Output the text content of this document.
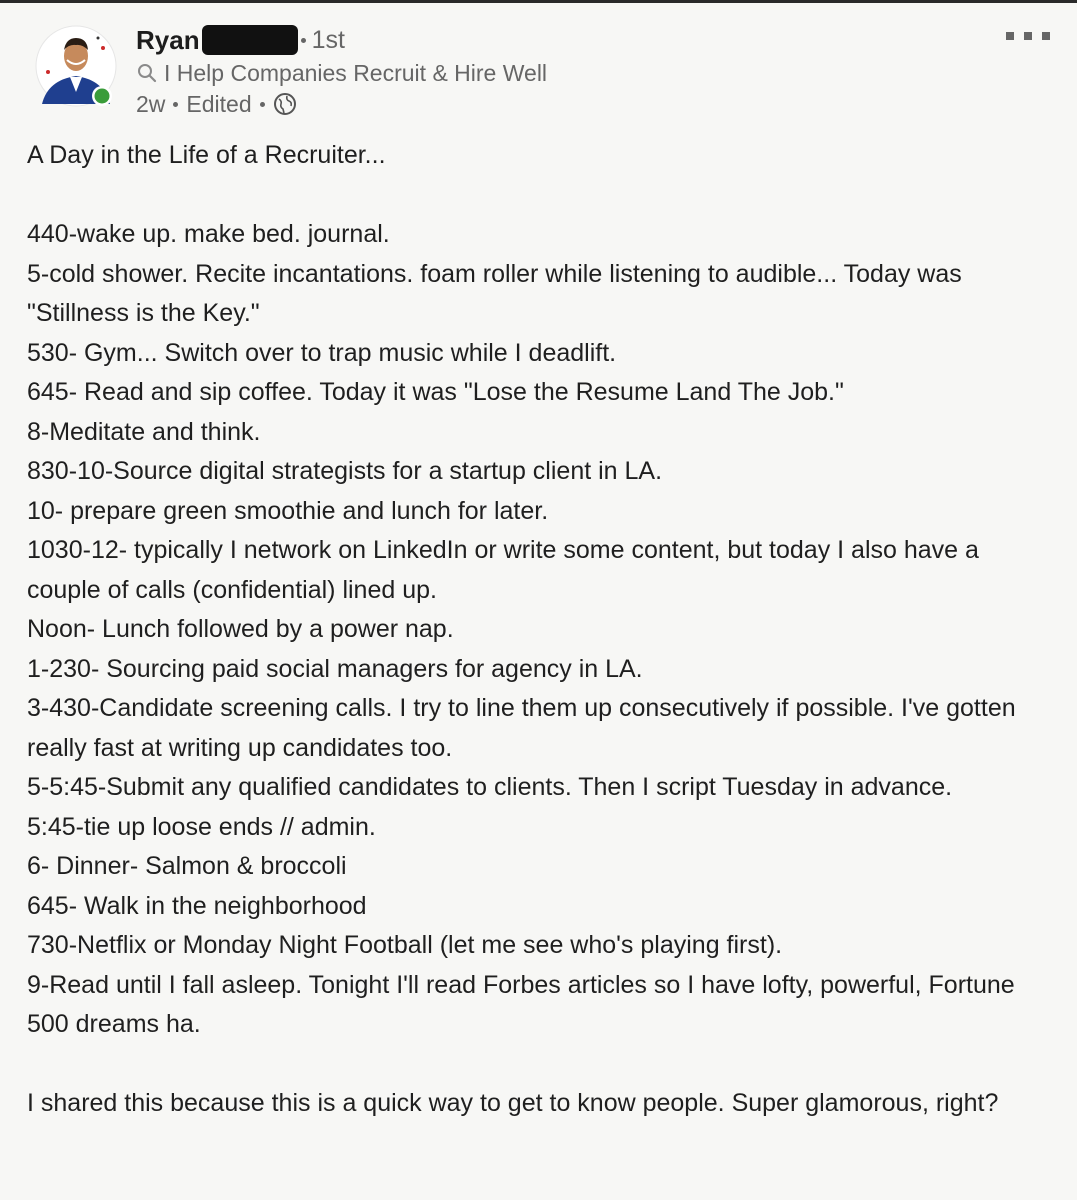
Ryan	1st
I Help Companies Recruit & Hire Well
2w Edited

A Day in the Life of a Recruiter...

440-wake up. make bed. journal.

5-cold shower. Recite incantations. foam roller while listening to audible... Today was "Stillness is the Key."

530- Gym... Switch over to trap music while I deadlift.

645- Read and sip coffee. Today it was "Lose the Resume Land The Job."

8-Meditate and think.

830-10-Source digital strategists for a startup client in LA.

10- prepare green smoothie and lunch for later.

1030-12- typically I network on LinkedIn or write some content, but today I also have a couple of calls (confidential) lined up.

Noon- Lunch followed by a power nap.

1-230- Sourcing paid social managers for agency in LA.

3-430-Candidate screening calls. I try to line them up consecutively if possible. I've gotten really fast at writing up candidates too.

5-5:45-Submit any qualified candidates to clients. Then I script Tuesday in advance.

5:45-tie up loose ends // admin.

6- Dinner- Salmon & broccoli

645- Walk in the neighborhood

730-Netflix or Monday Night Football (let me see who's playing first).

9-Read until I fall asleep. Tonight I'll read Forbes articles so I have lofty, powerful, Fortune 500 dreams ha.

I shared this because this is a quick way to get to know people. Super glamorous, right?
